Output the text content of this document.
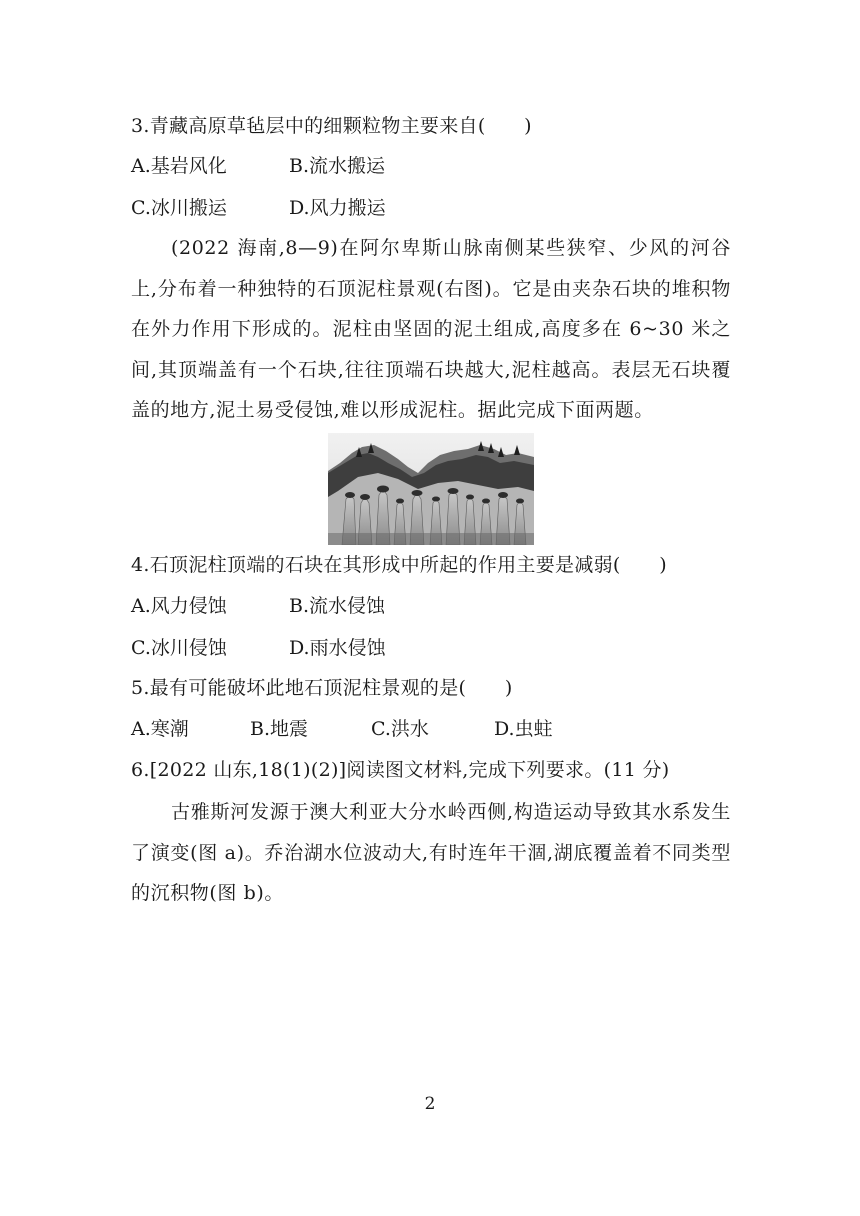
3.青藏高原草毡层中的细颗粒物主要来自(　　)
A.基岩风化	B.流水搬运
C.冰川搬运	D.风力搬运
(2022 海南,8—9)在阿尔卑斯山脉南侧某些狭窄、少风的河谷上,分布着一种独特的石顶泥柱景观(右图)。它是由夹杂石块的堆积物在外力作用下形成的。泥柱由坚固的泥土组成,高度多在 6~30 米之间,其顶端盖有一个石块,往往顶端石块越大,泥柱越高。表层无石块覆盖的地方,泥土易受侵蚀,难以形成泥柱。据此完成下面两题。
4.石顶泥柱顶端的石块在其形成中所起的作用主要是减弱(　　)
A.风力侵蚀	B.流水侵蚀
C.冰川侵蚀	D.雨水侵蚀
5.最有可能破坏此地石顶泥柱景观的是(　　)
A.寒潮	B.地震	C.洪水	D.虫蛀
6.[2022 山东,18(1)(2)]阅读图文材料,完成下列要求。(11 分)
古雅斯河发源于澳大利亚大分水岭西侧,构造运动导致其水系发生了演变(图 a)。乔治湖水位波动大,有时连年干涸,湖底覆盖着不同类型的沉积物(图 b)。
2
